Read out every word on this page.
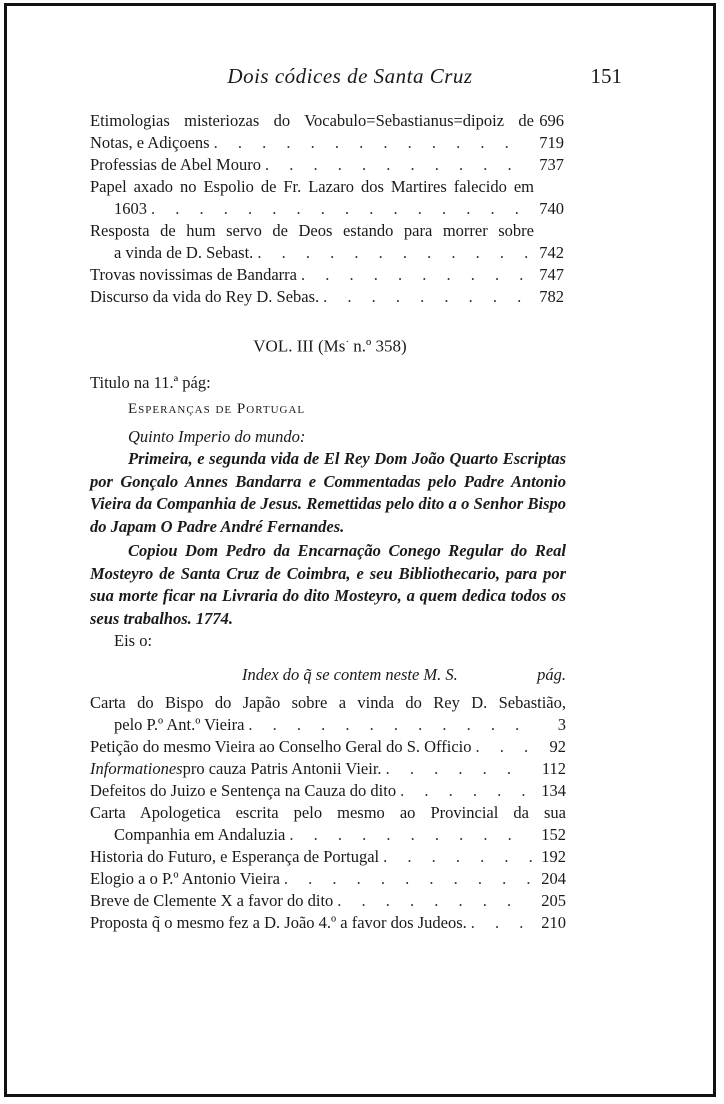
Dois códices de Santa Cruz	151
Etimologias misteriozas do Vocabulo=Sebastianus=dipoiz de 696
Notas, e Adiçoens . . .	719
Professias de Abel Mouro . . .	737
Papel axado no Espolio de Fr. Lazaro dos Martires falecido em
1603 . . .	740
Resposta de hum servo de Deos estando para morrer sobre
a vinda de D. Sebast. . . .	742
Trovas novissimas de Bandarra . . .	747
Discurso da vida do Rey D. Sebas. . . .	782
VOL. III (Ms· n.º 358)
Titulo na 11.ª pág:
Esperanças de Portugal
Quinto Imperio do mundo:
Primeira, e segunda vida de El Rey Dom João Quarto Escriptas por Gonçalo Annes Bandarra e Commentadas pelo Padre Antonio Vieira da Companhia de Jesus. Remettidas pelo dito a o Senhor Bispo do Japam O Padre André Fernandes.
Copiou Dom Pedro da Encarnação Conego Regular do Real Mosteyro de Santa Cruz de Coimbra, e seu Bibliothecario, para por sua morte ficar na Livraria do dito Mosteyro, a quem dedica todos os seus trabalhos. 1774.
Eis o:
Index do q̃ se contem neste M. S.	pág.
Carta do Bispo do Japão sobre a vinda do Rey D. Sebastião,
pelo P.º Ant.º Vieira . . .	3
Petição do mesmo Vieira ao Conselho Geral do S. Officio . . .	92
Informationes pro cauza Patris Antonii Vieir. . . .	112
Defeitos do Juizo e Sentença na Cauza do dito . . .	134
Carta Apologetica escrita pelo mesmo ao Provincial da sua
Companhia em Andaluzia . . .	152
Historia do Futuro, e Esperança de Portugal . . .	192
Elogio a o P.º Antonio Vieira . . .	204
Breve de Clemente X a favor do dito . . .	205
Proposta q̃ o mesmo fez a D. João 4.º a favor dos Judeos. . . .	210
